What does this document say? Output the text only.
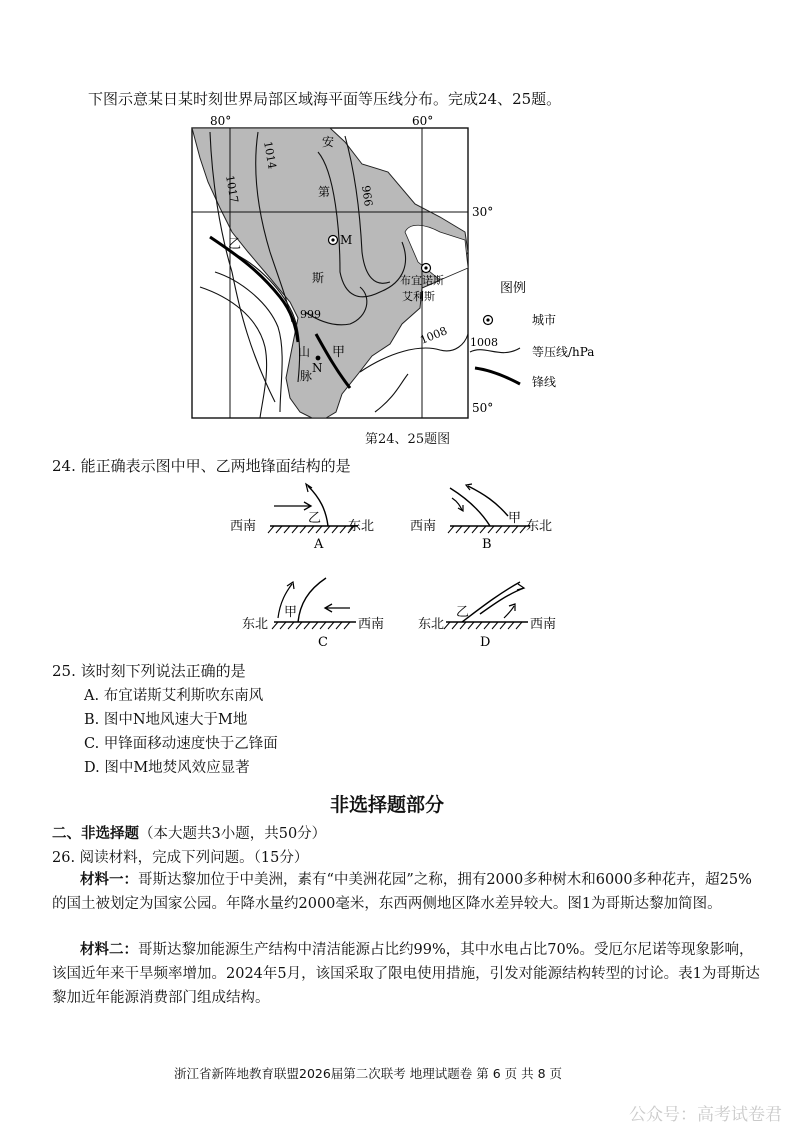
下图示意某日某时刻世界局部区域海平面等压线分布。完成24、25题。
80°	60°
30°
50°
1014
1017	966
999
1008
安
第
斯
山
脉
乙
甲
M
N
布宜诺斯
艾利斯
图例
城市
1008
等压线/hPa
锋线
第24、25题图
24. 能正确表示图中甲、乙两地锋面结构的是
西南	东北
乙
A
西南	东北
甲
B
东北	西南
甲
C
东北	西南
乙
D
25. 该时刻下列说法正确的是
A. 布宜诺斯艾利斯吹东南风
B. 图中N地风速大于M地
C. 甲锋面移动速度快于乙锋面
D. 图中M地焚风效应显著
非选择题部分
二、非选择题（本大题共3小题，共50分）
26. 阅读材料，完成下列问题。（15分）
材料一：哥斯达黎加位于中美洲，素有“中美洲花园”之称，拥有2000多种树木和6000多种花卉，超25%的国土被划定为国家公园。年降水量约2000毫米，东西两侧地区降水差异较大。图1为哥斯达黎加简图。
材料二：哥斯达黎加能源生产结构中清洁能源占比约99%，其中水电占比70%。受厄尔尼诺等现象影响，该国近年来干旱频率增加。2024年5月，该国采取了限电使用措施，引发对能源结构转型的讨论。表1为哥斯达黎加近年能源消费部门组成结构。
浙江省新阵地教育联盟2026届第二次联考 地理试题卷 第 6 页 共 8 页
公众号：高考试卷君
